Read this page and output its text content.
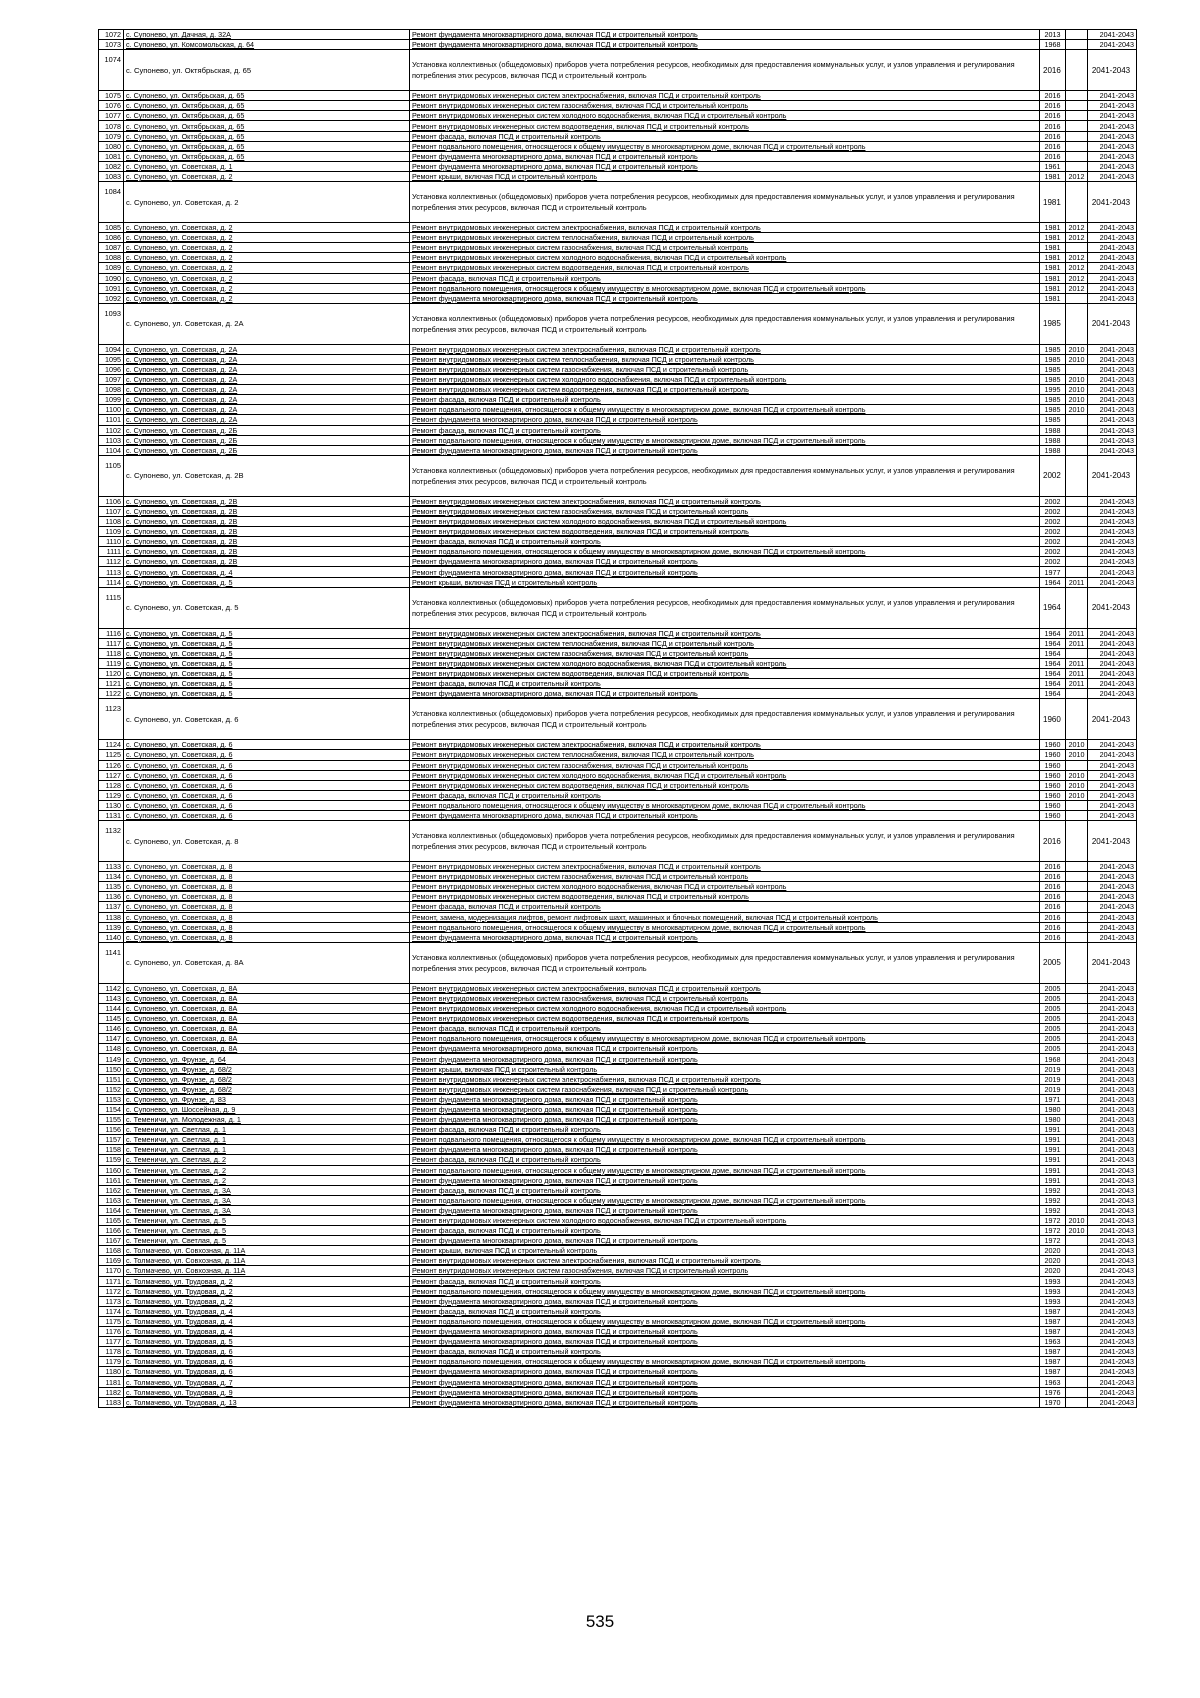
1072	с. Супонево, ул. Дачная, д. 32А	Ремонт фундамента многоквартирного дома, включая ПСД и строительный контроль	2013		2041-2043
1073	с. Супонево, ул. Комсомольская, д. 64	Ремонт фундамента многоквартирного дома, включая ПСД и строительный контроль	1968		2041-2043
1074	с. Супонево, ул. Октябрьская, д. 65	Установка коллективных (общедомовых) приборов учета потребления ресурсов, необходимых для предоставления коммунальных услуг, и узлов управления и регулирования потребления этих ресурсов, включая ПСД и строительный контроль	2016		2041-2043
1075	с. Супонево, ул. Октябрьская, д. 65	Ремонт внутридомовых инженерных систем электроснабжения, включая ПСД и строительный контроль	2016		2041-2043
1076	с. Супонево, ул. Октябрьская, д. 65	Ремонт внутридомовых инженерных систем газоснабжения, включая ПСД и строительный контроль	2016		2041-2043
1077	с. Супонево, ул. Октябрьская, д. 65	Ремонт внутридомовых инженерных систем холодного водоснабжения, включая ПСД и строительный контроль	2016		2041-2043
1078	с. Супонево, ул. Октябрьская, д. 65	Ремонт внутридомовых инженерных систем водоотведения, включая ПСД и строительный контроль	2016		2041-2043
1079	с. Супонево, ул. Октябрьская, д. 65	Ремонт фасада, включая ПСД и строительный контроль	2016		2041-2043
1080	с. Супонево, ул. Октябрьская, д. 65	Ремонт подвального помещения, относящегося к общему имуществу в многоквартирном доме, включая ПСД и строительный контроль	2016		2041-2043
1081	с. Супонево, ул. Октябрьская, д. 65	Ремонт фундамента многоквартирного дома, включая ПСД и строительный контроль	2016		2041-2043
1082	с. Супонево, ул. Советская, д. 1	Ремонт фундамента многоквартирного дома, включая ПСД и строительный контроль	1961		2041-2043
1083	с. Супонево, ул. Советская, д. 2	Ремонт крыши, включая ПСД и строительный контроль	1981	2012	2041-2043
1084	с. Супонево, ул. Советская, д. 2	Установка коллективных (общедомовых) приборов учета потребления ресурсов, необходимых для предоставления коммунальных услуг, и узлов управления и регулирования потребления этих ресурсов, включая ПСД и строительный контроль	1981		2041-2043
1085	с. Супонево, ул. Советская, д. 2	Ремонт внутридомовых инженерных систем электроснабжения, включая ПСД и строительный контроль	1981	2012	2041-2043
1086	с. Супонево, ул. Советская, д. 2	Ремонт внутридомовых инженерных систем теплоснабжения, включая ПСД и строительный контроль	1981	2012	2041-2043
1087	с. Супонево, ул. Советская, д. 2	Ремонт внутридомовых инженерных систем газоснабжения, включая ПСД и строительный контроль	1981		2041-2043
1088	с. Супонево, ул. Советская, д. 2	Ремонт внутридомовых инженерных систем холодного водоснабжения, включая ПСД и строительный контроль	1981	2012	2041-2043
1089	с. Супонево, ул. Советская, д. 2	Ремонт внутридомовых инженерных систем водоотведения, включая ПСД и строительный контроль	1981	2012	2041-2043
1090	с. Супонево, ул. Советская, д. 2	Ремонт фасада, включая ПСД и строительный контроль	1981	2012	2041-2043
1091	с. Супонево, ул. Советская, д. 2	Ремонт подвального помещения, относящегося к общему имуществу в многоквартирном доме, включая ПСД и строительный контроль	1981	2012	2041-2043
1092	с. Супонево, ул. Советская, д. 2	Ремонт фундамента многоквартирного дома, включая ПСД и строительный контроль	1981		2041-2043
1093	с. Супонево, ул. Советская, д. 2А	Установка коллективных (общедомовых) приборов учета потребления ресурсов, необходимых для предоставления коммунальных услуг, и узлов управления и регулирования потребления этих ресурсов, включая ПСД и строительный контроль	1985		2041-2043
1094	с. Супонево, ул. Советская, д. 2А	Ремонт внутридомовых инженерных систем электроснабжения, включая ПСД и строительный контроль	1985	2010	2041-2043
1095	с. Супонево, ул. Советская, д. 2А	Ремонт внутридомовых инженерных систем теплоснабжения, включая ПСД и строительный контроль	1985	2010	2041-2043
1096	с. Супонево, ул. Советская, д. 2А	Ремонт внутридомовых инженерных систем газоснабжения, включая ПСД и строительный контроль	1985		2041-2043
1097	с. Супонево, ул. Советская, д. 2А	Ремонт внутридомовых инженерных систем холодного водоснабжения, включая ПСД и строительный контроль	1985	2010	2041-2043
1098	с. Супонево, ул. Советская, д. 2А	Ремонт внутридомовых инженерных систем водоотведения, включая ПСД и строительный контроль	1995	2010	2041-2043
1099	с. Супонево, ул. Советская, д. 2А	Ремонт фасада, включая ПСД и строительный контроль	1985	2010	2041-2043
1100	с. Супонево, ул. Советская, д. 2А	Ремонт подвального помещения, относящегося к общему имуществу в многоквартирном доме, включая ПСД и строительный контроль	1985	2010	2041-2043
1101	с. Супонево, ул. Советская, д. 2А	Ремонт фундамента многоквартирного дома, включая ПСД и строительный контроль	1985		2041-2043
1102	с. Супонево, ул. Советская, д. 2Б	Ремонт фасада, включая ПСД и строительный контроль	1988		2041-2043
1103	с. Супонево, ул. Советская, д. 2Б	Ремонт подвального помещения, относящегося к общему имуществу в многоквартирном доме, включая ПСД и строительный контроль	1988		2041-2043
1104	с. Супонево, ул. Советская, д. 2Б	Ремонт фундамента многоквартирного дома, включая ПСД и строительный контроль	1988		2041-2043
1105	с. Супонево, ул. Советская, д. 2В	Установка коллективных (общедомовых) приборов учета потребления ресурсов, необходимых для предоставления коммунальных услуг, и узлов управления и регулирования потребления этих ресурсов, включая ПСД и строительный контроль	2002		2041-2043
1106	с. Супонево, ул. Советская, д. 2В	Ремонт внутридомовых инженерных систем электроснабжения, включая ПСД и строительный контроль	2002		2041-2043
1107	с. Супонево, ул. Советская, д. 2В	Ремонт внутридомовых инженерных систем газоснабжения, включая ПСД и строительный контроль	2002		2041-2043
1108	с. Супонево, ул. Советская, д. 2В	Ремонт внутридомовых инженерных систем холодного водоснабжения, включая ПСД и строительный контроль	2002		2041-2043
1109	с. Супонево, ул. Советская, д. 2В	Ремонт внутридомовых инженерных систем водоотведения, включая ПСД и строительный контроль	2002		2041-2043
1110	с. Супонево, ул. Советская, д. 2В	Ремонт фасада, включая ПСД и строительный контроль	2002		2041-2043
1111	с. Супонево, ул. Советская, д. 2В	Ремонт подвального помещения, относящегося к общему имуществу в многоквартирном доме, включая ПСД и строительный контроль	2002		2041-2043
1112	с. Супонево, ул. Советская, д. 2В	Ремонт фундамента многоквартирного дома, включая ПСД и строительный контроль	2002		2041-2043
1113	с. Супонево, ул. Советская, д. 4	Ремонт фундамента многоквартирного дома, включая ПСД и строительный контроль	1977		2041-2043
1114	с. Супонево, ул. Советская, д. 5	Ремонт крыши, включая ПСД и строительный контроль	1964	2011	2041-2043
1115	с. Супонево, ул. Советская, д. 5	Установка коллективных (общедомовых) приборов учета потребления ресурсов, необходимых для предоставления коммунальных услуг, и узлов управления и регулирования потребления этих ресурсов, включая ПСД и строительный контроль	1964		2041-2043
1116	с. Супонево, ул. Советская, д. 5	Ремонт внутридомовых инженерных систем электроснабжения, включая ПСД и строительный контроль	1964	2011	2041-2043
1117	с. Супонево, ул. Советская, д. 5	Ремонт внутридомовых инженерных систем теплоснабжения, включая ПСД и строительный контроль	1964	2011	2041-2043
1118	с. Супонево, ул. Советская, д. 5	Ремонт внутридомовых инженерных систем газоснабжения, включая ПСД и строительный контроль	1964		2041-2043
1119	с. Супонево, ул. Советская, д. 5	Ремонт внутридомовых инженерных систем холодного водоснабжения, включая ПСД и строительный контроль	1964	2011	2041-2043
1120	с. Супонево, ул. Советская, д. 5	Ремонт внутридомовых инженерных систем водоотведения, включая ПСД и строительный контроль	1964	2011	2041-2043
1121	с. Супонево, ул. Советская, д. 5	Ремонт фасада, включая ПСД и строительный контроль	1964	2011	2041-2043
1122	с. Супонево, ул. Советская, д. 5	Ремонт фундамента многоквартирного дома, включая ПСД и строительный контроль	1964		2041-2043
1123	с. Супонево, ул. Советская, д. 6	Установка коллективных (общедомовых) приборов учета потребления ресурсов, необходимых для предоставления коммунальных услуг, и узлов управления и регулирования потребления этих ресурсов, включая ПСД и строительный контроль	1960		2041-2043
1124	с. Супонево, ул. Советская, д. 6	Ремонт внутридомовых инженерных систем электроснабжения, включая ПСД и строительный контроль	1960	2010	2041-2043
1125	с. Супонево, ул. Советская, д. 6	Ремонт внутридомовых инженерных систем теплоснабжения, включая ПСД и строительный контроль	1960	2010	2041-2043
1126	с. Супонево, ул. Советская, д. 6	Ремонт внутридомовых инженерных систем газоснабжения, включая ПСД и строительный контроль	1960		2041-2043
1127	с. Супонево, ул. Советская, д. 6	Ремонт внутридомовых инженерных систем холодного водоснабжения, включая ПСД и строительный контроль	1960	2010	2041-2043
1128	с. Супонево, ул. Советская, д. 6	Ремонт внутридомовых инженерных систем водоотведения, включая ПСД и строительный контроль	1960	2010	2041-2043
1129	с. Супонево, ул. Советская, д. 6	Ремонт фасада, включая ПСД и строительный контроль	1960	2010	2041-2043
1130	с. Супонево, ул. Советская, д. 6	Ремонт подвального помещения, относящегося к общему имуществу в многоквартирном доме, включая ПСД и строительный контроль	1960		2041-2043
1131	с. Супонево, ул. Советская, д. 6	Ремонт фундамента многоквартирного дома, включая ПСД и строительный контроль	1960		2041-2043
1132	с. Супонево, ул. Советская, д. 8	Установка коллективных (общедомовых) приборов учета потребления ресурсов, необходимых для предоставления коммунальных услуг, и узлов управления и регулирования потребления этих ресурсов, включая ПСД и строительный контроль	2016		2041-2043
1133	с. Супонево, ул. Советская, д. 8	Ремонт внутридомовых инженерных систем электроснабжения, включая ПСД и строительный контроль	2016		2041-2043
1134	с. Супонево, ул. Советская, д. 8	Ремонт внутридомовых инженерных систем газоснабжения, включая ПСД и строительный контроль	2016		2041-2043
1135	с. Супонево, ул. Советская, д. 8	Ремонт внутридомовых инженерных систем холодного водоснабжения, включая ПСД и строительный контроль	2016		2041-2043
1136	с. Супонево, ул. Советская, д. 8	Ремонт внутридомовых инженерных систем водоотведения, включая ПСД и строительный контроль	2016		2041-2043
1137	с. Супонево, ул. Советская, д. 8	Ремонт фасада, включая ПСД и строительный контроль	2016		2041-2043
1138	с. Супонево, ул. Советская, д. 8	Ремонт, замена, модернизация лифтов, ремонт лифтовых шахт, машинных и блочных помещений, включая ПСД и строительный контроль	2016		2041-2043
1139	с. Супонево, ул. Советская, д. 8	Ремонт подвального помещения, относящегося к общему имуществу в многоквартирном доме, включая ПСД и строительный контроль	2016		2041-2043
1140	с. Супонево, ул. Советская, д. 8	Ремонт фундамента многоквартирного дома, включая ПСД и строительный контроль	2016		2041-2043
1141	с. Супонево, ул. Советская, д. 8А	Установка коллективных (общедомовых) приборов учета потребления ресурсов, необходимых для предоставления коммунальных услуг, и узлов управления и регулирования потребления этих ресурсов, включая ПСД и строительный контроль	2005		2041-2043
1142	с. Супонево, ул. Советская, д. 8А	Ремонт внутридомовых инженерных систем электроснабжения, включая ПСД и строительный контроль	2005		2041-2043
1143	с. Супонево, ул. Советская, д. 8А	Ремонт внутридомовых инженерных систем газоснабжения, включая ПСД и строительный контроль	2005		2041-2043
1144	с. Супонево, ул. Советская, д. 8А	Ремонт внутридомовых инженерных систем холодного водоснабжения, включая ПСД и строительный контроль	2005		2041-2043
1145	с. Супонево, ул. Советская, д. 8А	Ремонт внутридомовых инженерных систем водоотведения, включая ПСД и строительный контроль	2005		2041-2043
1146	с. Супонево, ул. Советская, д. 8А	Ремонт фасада, включая ПСД и строительный контроль	2005		2041-2043
1147	с. Супонево, ул. Советская, д. 8А	Ремонт подвального помещения, относящегося к общему имуществу в многоквартирном доме, включая ПСД и строительный контроль	2005		2041-2043
1148	с. Супонево, ул. Советская, д. 8А	Ремонт фундамента многоквартирного дома, включая ПСД и строительный контроль	2005		2041-2043
1149	с. Супонево, ул. Фрунзе, д. 64	Ремонт фундамента многоквартирного дома, включая ПСД и строительный контроль	1968		2041-2043
1150	с. Супонево, ул. Фрунзе, д. 68/2	Ремонт крыши, включая ПСД и строительный контроль	2019		2041-2043
1151	с. Супонево, ул. Фрунзе, д. 68/2	Ремонт внутридомовых инженерных систем электроснабжения, включая ПСД и строительный контроль	2019		2041-2043
1152	с. Супонево, ул. Фрунзе, д. 68/2	Ремонт внутридомовых инженерных систем газоснабжения, включая ПСД и строительный контроль	2019		2041-2043
1153	с. Супонево, ул. Фрунзе, д. 83	Ремонт фундамента многоквартирного дома, включая ПСД и строительный контроль	1971		2041-2043
1154	с. Супонево, ул. Шоссейная, д. 9	Ремонт фундамента многоквартирного дома, включая ПСД и строительный контроль	1980		2041-2043
1155	с. Теменичи, ул. Молодежная, д. 1	Ремонт фундамента многоквартирного дома, включая ПСД и строительный контроль	1980		2041-2043
1156	с. Теменичи, ул. Светлая, д. 1	Ремонт фасада, включая ПСД и строительный контроль	1991		2041-2043
1157	с. Теменичи, ул. Светлая, д. 1	Ремонт подвального помещения, относящегося к общему имуществу в многоквартирном доме, включая ПСД и строительный контроль	1991		2041-2043
1158	с. Теменичи, ул. Светлая, д. 1	Ремонт фундамента многоквартирного дома, включая ПСД и строительный контроль	1991		2041-2043
1159	с. Теменичи, ул. Светлая, д. 2	Ремонт фасада, включая ПСД и строительный контроль	1991		2041-2043
1160	с. Теменичи, ул. Светлая, д. 2	Ремонт подвального помещения, относящегося к общему имуществу в многоквартирном доме, включая ПСД и строительный контроль	1991		2041-2043
1161	с. Теменичи, ул. Светлая, д. 2	Ремонт фундамента многоквартирного дома, включая ПСД и строительный контроль	1991		2041-2043
1162	с. Теменичи, ул. Светлая, д. 3А	Ремонт фасада, включая ПСД и строительный контроль	1992		2041-2043
1163	с. Теменичи, ул. Светлая, д. 3А	Ремонт подвального помещения, относящегося к общему имуществу в многоквартирном доме, включая ПСД и строительный контроль	1992		2041-2043
1164	с. Теменичи, ул. Светлая, д. 3А	Ремонт фундамента многоквартирного дома, включая ПСД и строительный контроль	1992		2041-2043
1165	с. Теменичи, ул. Светлая, д. 5	Ремонт внутридомовых инженерных систем холодного водоснабжения, включая ПСД и строительный контроль	1972	2010	2041-2043
1166	с. Теменичи, ул. Светлая, д. 5	Ремонт фасада, включая ПСД и строительный контроль	1972	2010	2041-2043
1167	с. Теменичи, ул. Светлая, д. 5	Ремонт фундамента многоквартирного дома, включая ПСД и строительный контроль	1972		2041-2043
1168	с. Толмачево, ул. Совхозная, д. 11А	Ремонт крыши, включая ПСД и строительный контроль	2020		2041-2043
1169	с. Толмачево, ул. Совхозная, д. 11А	Ремонт внутридомовых инженерных систем электроснабжения, включая ПСД и строительный контроль	2020		2041-2043
1170	с. Толмачево, ул. Совхозная, д. 11А	Ремонт внутридомовых инженерных систем газоснабжения, включая ПСД и строительный контроль	2020		2041-2043
1171	с. Толмачево, ул. Трудовая, д. 2	Ремонт фасада, включая ПСД и строительный контроль	1993		2041-2043
1172	с. Толмачево, ул. Трудовая, д. 2	Ремонт подвального помещения, относящегося к общему имуществу в многоквартирном доме, включая ПСД и строительный контроль	1993		2041-2043
1173	с. Толмачево, ул. Трудовая, д. 2	Ремонт фундамента многоквартирного дома, включая ПСД и строительный контроль	1993		2041-2043
1174	с. Толмачево, ул. Трудовая, д. 4	Ремонт фасада, включая ПСД и строительный контроль	1987		2041-2043
1175	с. Толмачево, ул. Трудовая, д. 4	Ремонт подвального помещения, относящегося к общему имуществу в многоквартирном доме, включая ПСД и строительный контроль	1987		2041-2043
1176	с. Толмачево, ул. Трудовая, д. 4	Ремонт фундамента многоквартирного дома, включая ПСД и строительный контроль	1987		2041-2043
1177	с. Толмачево, ул. Трудовая, д. 5	Ремонт фундамента многоквартирного дома, включая ПСД и строительный контроль	1963		2041-2043
1178	с. Толмачево, ул. Трудовая, д. 6	Ремонт фасада, включая ПСД и строительный контроль	1987		2041-2043
1179	с. Толмачево, ул. Трудовая, д. 6	Ремонт подвального помещения, относящегося к общему имуществу в многоквартирном доме, включая ПСД и строительный контроль	1987		2041-2043
1180	с. Толмачево, ул. Трудовая, д. 6	Ремонт фундамента многоквартирного дома, включая ПСД и строительный контроль	1987		2041-2043
1181	с. Толмачево, ул. Трудовая, д. 7	Ремонт фундамента многоквартирного дома, включая ПСД и строительный контроль	1963		2041-2043
1182	с. Толмачево, ул. Трудовая, д. 9	Ремонт фундамента многоквартирного дома, включая ПСД и строительный контроль	1976		2041-2043
1183	с. Толмачево, ул. Трудовая, д. 13	Ремонт фундамента многоквартирного дома, включая ПСД и строительный контроль	1970		2041-2043
535
